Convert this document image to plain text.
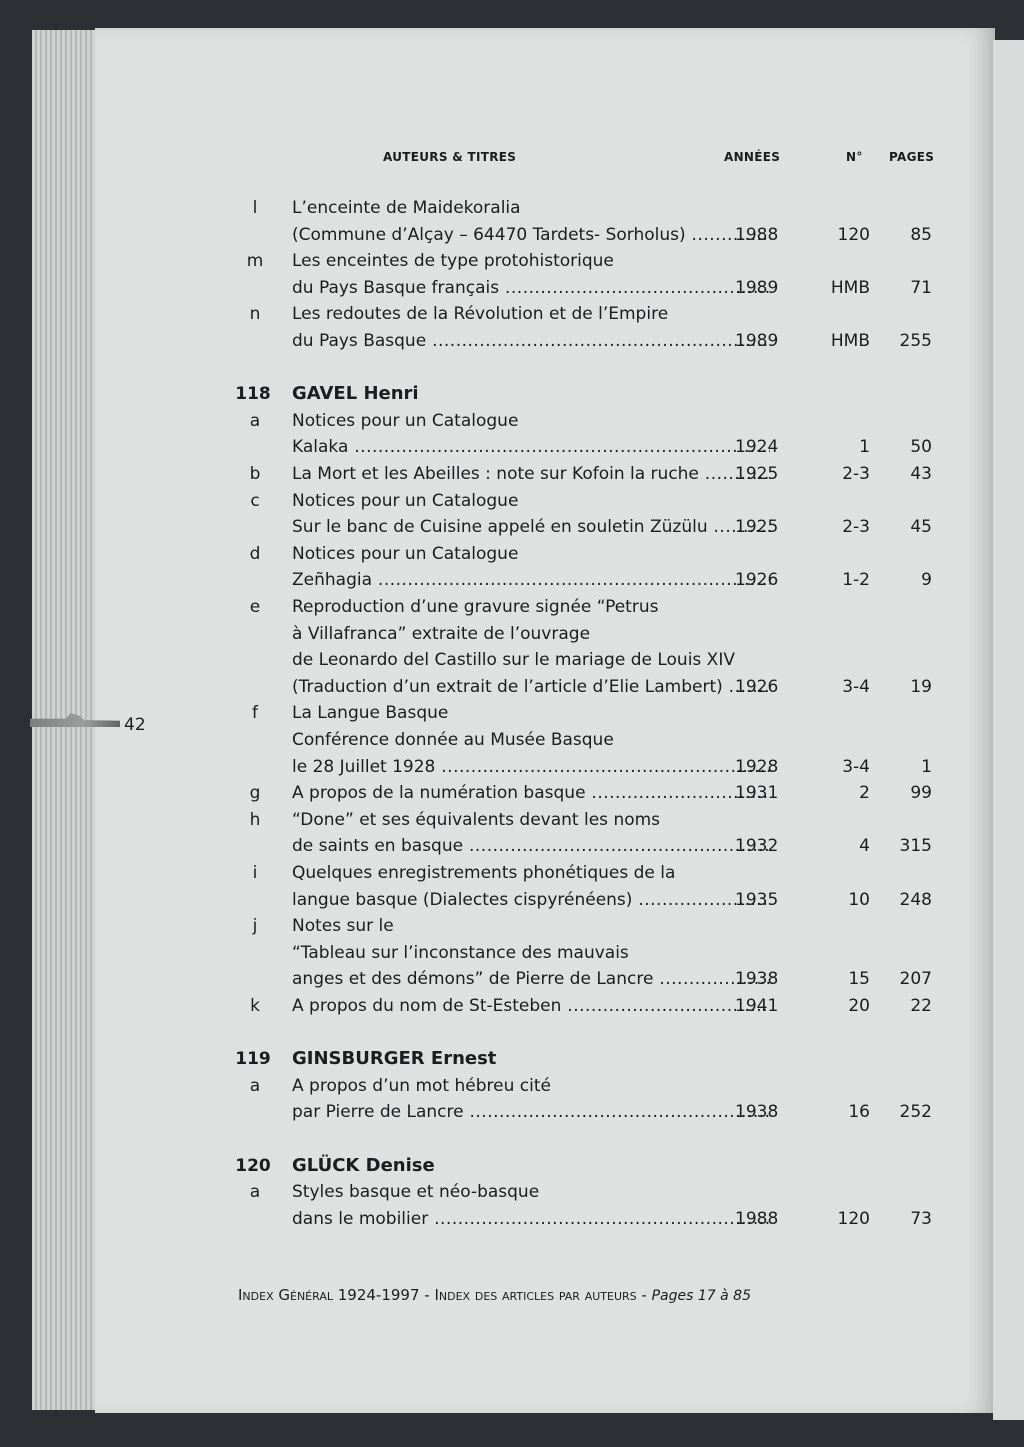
42
AUTEURS & TITRES	ANNÉES	N° PAGES
l	L’enceinte de Maidekoralia
(Commune d’Alçay – 64470 Tardets- Sorholus) .....	1988	120	85
m	Les enceintes de type protohistorique
du Pays Basque français .....	1989	HMB	71
n	Les redoutes de la Révolution et de l’Empire
du Pays Basque .....	1989	HMB	255
118	GAVEL Henri
a	Notices pour un Catalogue
Kalaka .....	1924	1	50
b	La Mort et les Abeilles : note sur Kofoin la ruche .....	1925	2-3	43
c	Notices pour un Catalogue
Sur le banc de Cuisine appelé en souletin Züzülu .....	1925	2-3	45
d	Notices pour un Catalogue
Zeñhagia .....	1926	1-2	9
e	Reproduction d’une gravure signée “Petrus
à Villafranca” extraite de l’ouvrage
de Leonardo del Castillo sur le mariage de Louis XIV
(Traduction d’un extrait de l’article d’Elie Lambert) ..... 1926	3-4	19
f	La Langue Basque
Conférence donnée au Musée Basque
le 28 Juillet 1928 .....	1928	3-4	1
g	A propos de la numération basque .....	1931	2	99
h	“Done” et ses équivalents devant les noms
de saints en basque .....	1932	4	315
i	Quelques enregistrements phonétiques de la
langue basque (Dialectes cispyrénéens) .....	1935	10	248
j	Notes sur le
“Tableau sur l’inconstance des mauvais
anges et des démons” de Pierre de Lancre .....	1938	15	207
k	A propos du nom de St-Esteben .....	1941	20	22
119	GINSBURGER Ernest
a	A propos d’un mot hébreu cité
par Pierre de Lancre .....	1938	16	252
120	GLÜCK Denise
a	Styles basque et néo-basque
dans le mobilier .....	1988	120	73
Index Général 1924-1997 - Index des articles par auteurs - Pages 17 à 85
